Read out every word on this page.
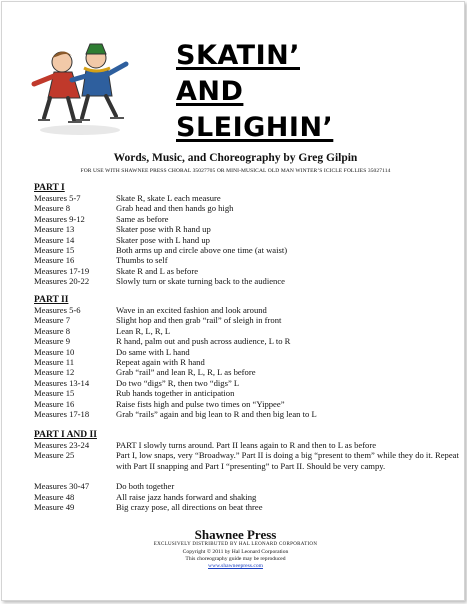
SKATIN’
AND
SLEIGHIN’
Words, Music, and Choreography by Greg Gilpin
FOR USE WITH SHAWNEE PRESS CHORAL 35027705 OR MINI-MUSICAL OLD MAN WINTER’S ICICLE FOLLIES 35027114
PART I
Measures 5-7	Skate R, skate L each measure
Measure 8	Grab head and then hands go high
Measures 9-12	Same as before
Measure 13	Skater pose with R hand up
Measure 14	Skater pose with L hand up
Measure 15	Both arms up and circle above one time (at waist)
Measure 16	Thumbs to self
Measures 17-19	Skate R and L as before
Measures 20-22	Slowly turn or skate turning back to the audience
PART II
Measures 5-6	Wave in an excited fashion and look around
Measure 7	Slight hop and then grab “rail” of sleigh in front
Measure 8	Lean R, L, R, L
Measure 9	R hand, palm out and push across audience, L to R
Measure 10	Do same with L hand
Measure 11	Repeat again with R hand
Measure 12	Grab “rail” and lean R, L, R, L as before
Measures 13-14	Do two “digs” R, then two “digs” L
Measure 15	Rub hands together in anticipation
Measure 16	Raise fists high and pulse two times on “Yippee”
Measures 17-18	Grab “rails” again and big lean to R and then big lean to L
PART I AND II
Measures 23-24	PART I slowly turns around. Part II leans again to R and then to L as before
Measure 25	Part I, low snaps, very “Broadway.” Part II is doing a big “present to them” while they do it. Repeat with Part II snapping and Part I “presenting” to Part II. Should be very campy.
Measures 30-47	Do both together
Measure 48	All raise jazz hands forward and shaking
Measure 49	Big crazy pose, all directions on beat three
Shawnee Press
EXCLUSIVELY DISTRIBUTED BY HAL LEONARD CORPORATION
Copyright © 2011 by Hal Leonard Corporation
This choreography guide may be reproduced
www.shawneepress.com
